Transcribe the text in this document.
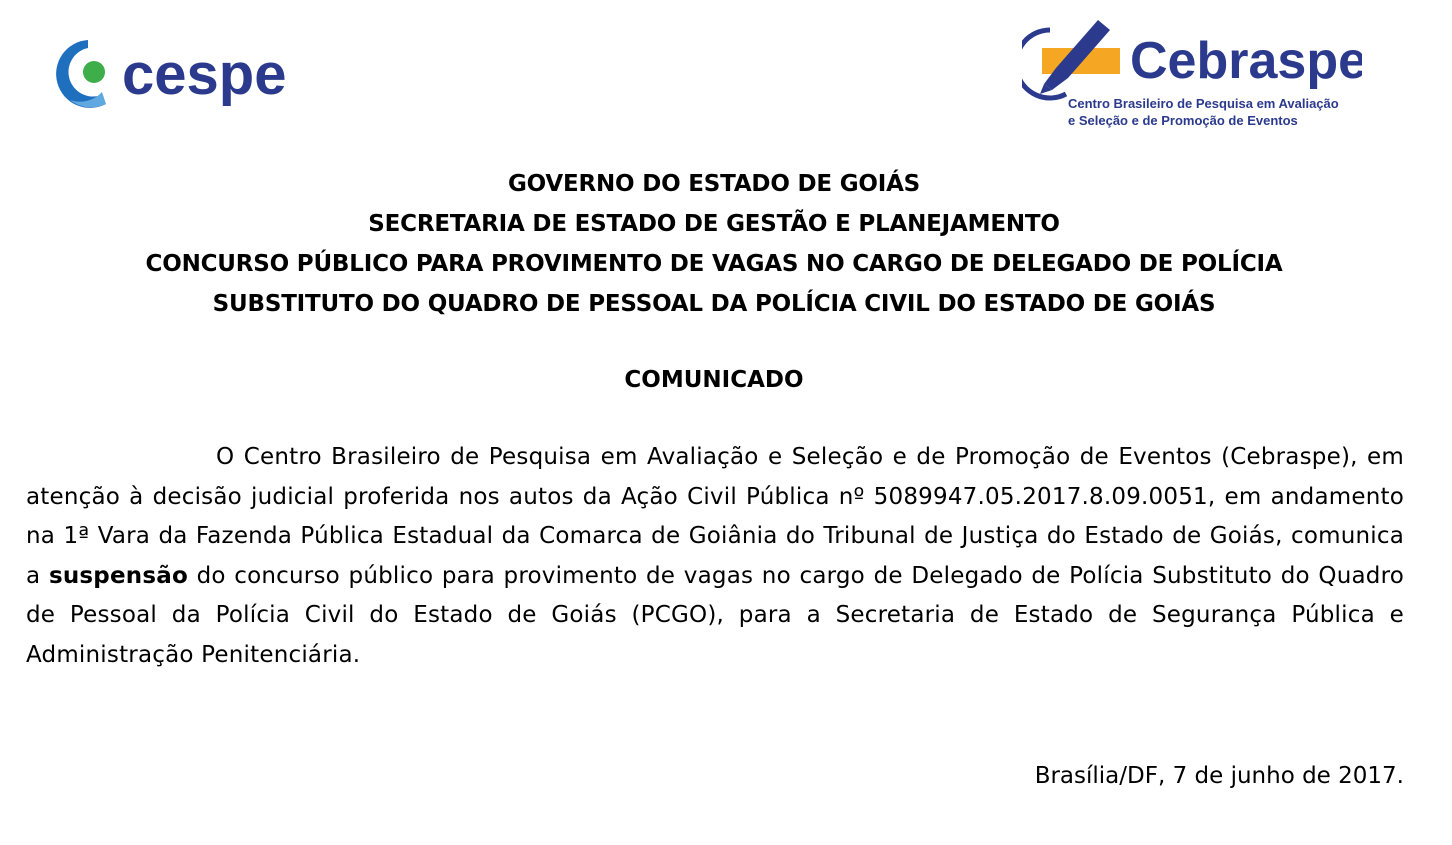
cespe	Cebraspe
Centro Brasileiro de Pesquisa em Avaliação
e Seleção e de Promoção de Eventos
GOVERNO DO ESTADO DE GOIÁS
SECRETARIA DE ESTADO DE GESTÃO E PLANEJAMENTO
CONCURSO PÚBLICO PARA PROVIMENTO DE VAGAS NO CARGO DE DELEGADO DE POLÍCIA
SUBSTITUTO DO QUADRO DE PESSOAL DA POLÍCIA CIVIL DO ESTADO DE GOIÁS
COMUNICADO
O Centro Brasileiro de Pesquisa em Avaliação e Seleção e de Promoção de Eventos (Cebraspe), em atenção à decisão judicial proferida nos autos da Ação Civil Pública nº 5089947.05.2017.8.09.0051, em andamento na 1ª Vara da Fazenda Pública Estadual da Comarca de Goiânia do Tribunal de Justiça do Estado de Goiás, comunica a suspensão do concurso público para provimento de vagas no cargo de Delegado de Polícia Substituto do Quadro de Pessoal da Polícia Civil do Estado de Goiás (PCGO), para a Secretaria de Estado de Segurança Pública e Administração Penitenciária.
Brasília/DF, 7 de junho de 2017.
